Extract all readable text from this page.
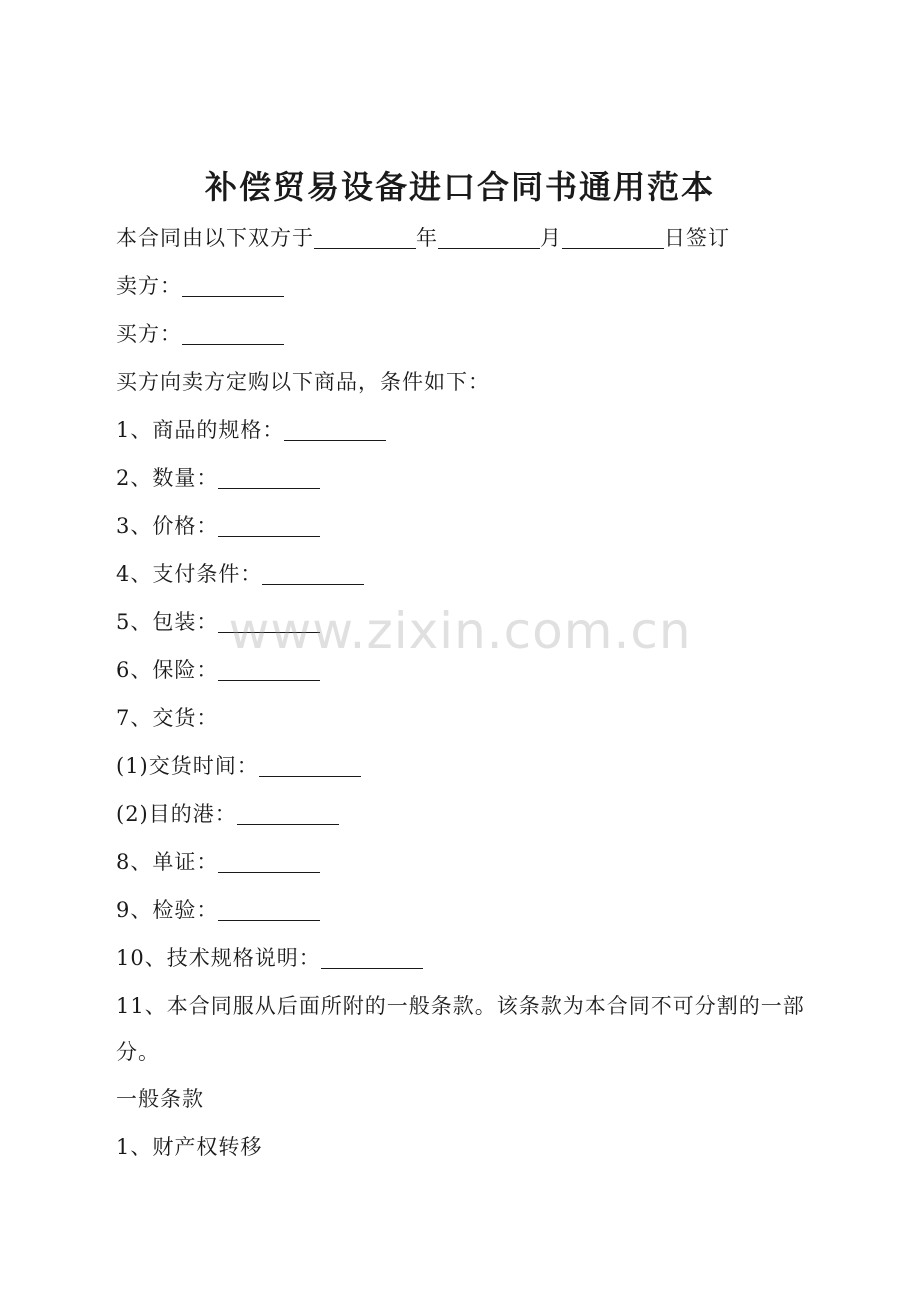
补偿贸易设备进口合同书通用范本
本合同由以下双方于	年	月	日签订
卖方：
买方：
买方向卖方定购以下商品，条件如下：
1、商品的规格：
2、数量：
3、价格：
4、支付条件：
5、包装：
6、保险：
7、交货：
(1)交货时间：
(2)目的港：
8、单证：
9、检验：
10、技术规格说明：
11、本合同服从后面所附的一般条款。该条款为本合同不可分割的一部分。
一般条款
1、财产权转移
www.zixin.com.cn
